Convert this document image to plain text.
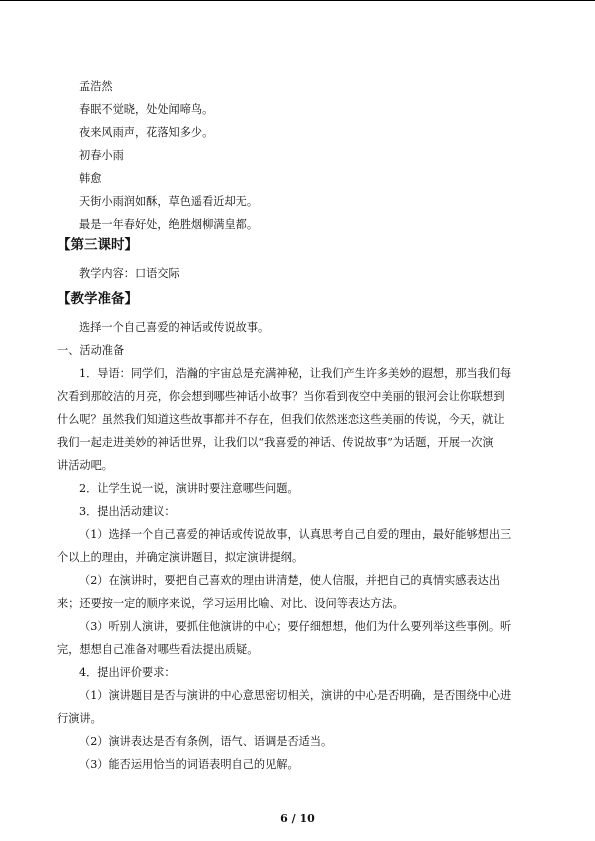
孟浩然
春眠不觉晓，处处闻啼鸟。
夜来风雨声，花落知多少。
初春小雨
韩愈
天街小雨润如酥，草色遥看近却无。
最是一年春好处，绝胜烟柳满皇都。
【第三课时】
教学内容：口语交际
【教学准备】
选择一个自己喜爱的神话或传说故事。
一、活动准备
1．导语：同学们，浩瀚的宇宙总是充满神秘，让我们产生许多美妙的遐想，那当我们每
次看到那皎洁的月亮，你会想到哪些神话小故事？当你看到夜空中美丽的银河会让你联想到
什么呢？虽然我们知道这些故事都并不存在，但我们依然迷恋这些美丽的传说，今天，就让
我们一起走进美妙的神话世界，让我们以“我喜爱的神话、传说故事”为话题，开展一次演
讲活动吧。
2．让学生说一说，演讲时要注意哪些问题。
3．提出活动建议：
（1）选择一个自己喜爱的神话或传说故事，认真思考自己自爱的理由，最好能够想出三
个以上的理由，并确定演讲题目，拟定演讲提纲。
（2）在演讲时，要把自己喜欢的理由讲清楚，使人信服，并把自己的真情实感表达出
来；还要按一定的顺序来说，学习运用比喻、对比、设问等表达方法。
（3）听别人演讲，要抓住他演讲的中心；要仔细想想，他们为什么要列举这些事例。听
完，想想自己准备对哪些看法提出质疑。
4．提出评价要求：
（1）演讲题目是否与演讲的中心意思密切相关，演讲的中心是否明确，是否围绕中心进
行演讲。
（2）演讲表达是否有条例，语气、语调是否适当。
（3）能否运用恰当的词语表明自己的见解。
6 / 10
